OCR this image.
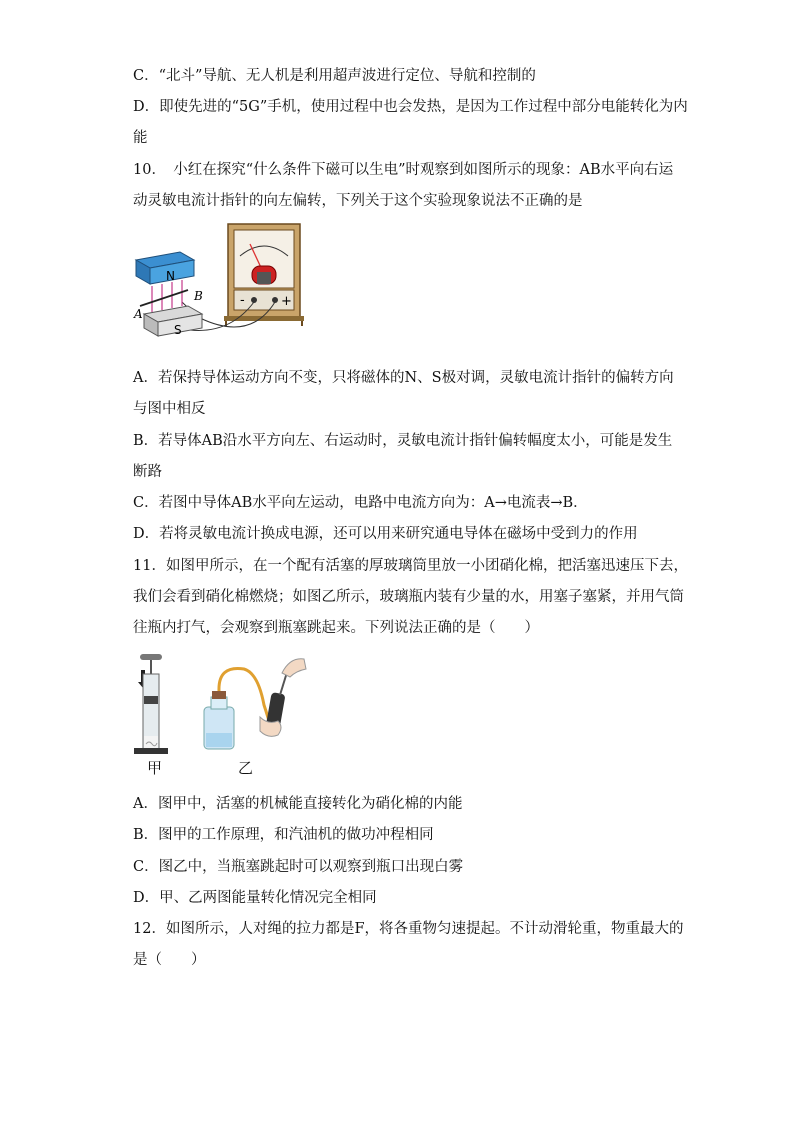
C．“北斗”导航、无人机是利用超声波进行定位、导航和控制的
D．即使先进的“5G”手机，使用过程中也会发热，是因为工作过程中部分电能转化为内
能
10．　小红在探究“什么条件下磁可以生电”时观察到如图所示的现象：AB水平向右运
动灵敏电流计指针的向左偏转，下列关于这个实验现象说法不正确的是
-	+
N
S
A
B
A．若保持导体运动方向不变，只将磁体的N、S极对调，灵敏电流计指针的偏转方向
与图中相反
B．若导体AB沿水平方向左、右运动时，灵敏电流计指针偏转幅度太小，可能是发生
断路
C．若图中导体AB水平向左运动，电路中电流方向为：A→电流表→B．
D．若将灵敏电流计换成电源，还可以用来研究通电导体在磁场中受到力的作用
11．如图甲所示，在一个配有活塞的厚玻璃筒里放一小团硝化棉，把活塞迅速压下去，
我们会看到硝化棉燃烧；如图乙所示，玻璃瓶内装有少量的水，用塞子塞紧，并用气筒
往瓶内打气，会观察到瓶塞跳起来。下列说法正确的是（　　）
甲	乙
A．图甲中，活塞的机械能直接转化为硝化棉的内能
B．图甲的工作原理，和汽油机的做功冲程相同
C．图乙中，当瓶塞跳起时可以观察到瓶口出现白雾
D．甲、乙两图能量转化情况完全相同
12．如图所示，人对绳的拉力都是F，将各重物匀速提起。不计动滑轮重，物重最大的
是（　　）
